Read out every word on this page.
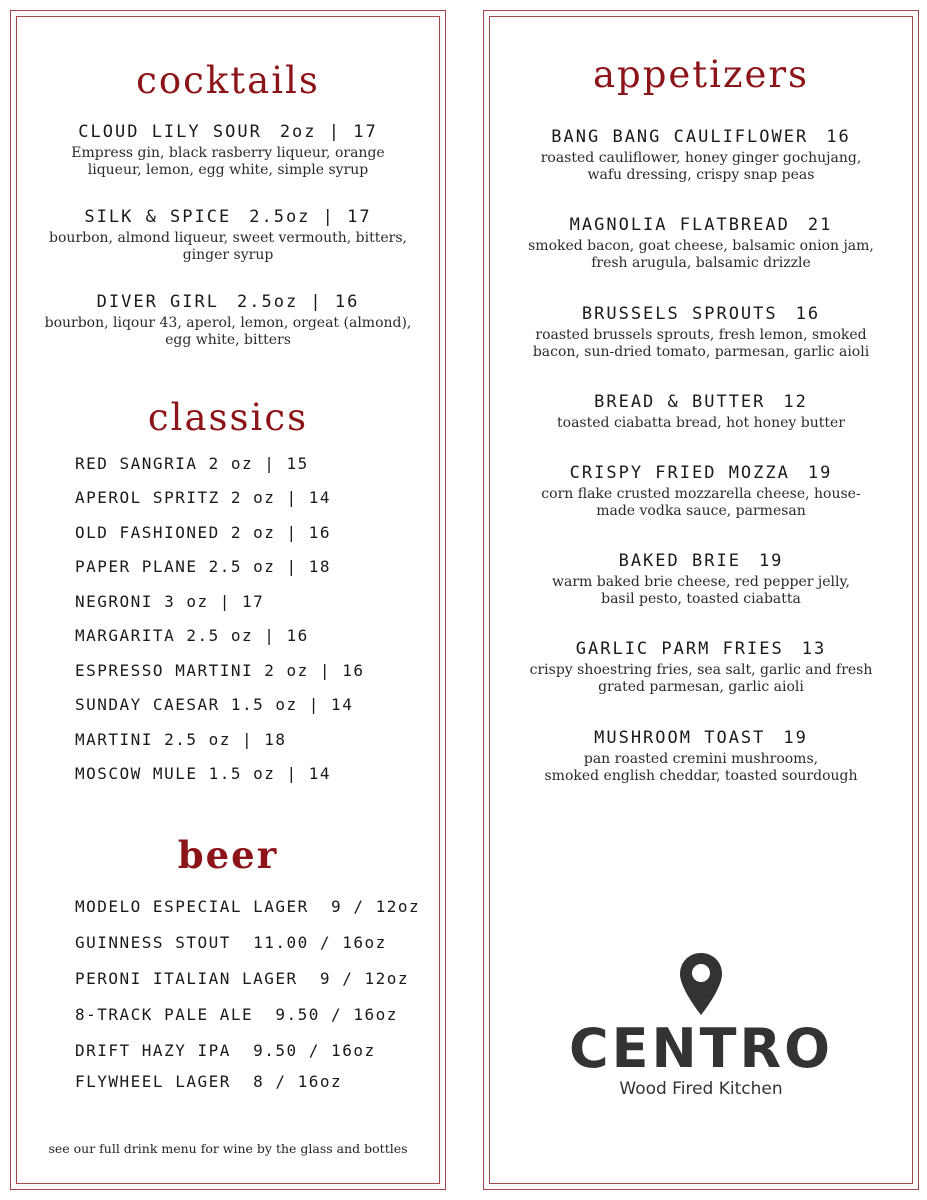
cocktails
CLOUD LILY SOUR 2oz | 17
Empress gin, black rasberry liqueur, orange
liqueur, lemon, egg white, simple syrup
SILK & SPICE 2.5oz | 17
bourbon, almond liqueur, sweet vermouth, bitters,
ginger syrup
DIVER GIRL 2.5oz | 16
bourbon, liqour 43, aperol, lemon, orgeat (almond),
egg white, bitters
classics
RED SANGRIA 2 oz | 15
APEROL SPRITZ 2 oz | 14
OLD FASHIONED 2 oz | 16
PAPER PLANE 2.5 oz | 18
NEGRONI 3 oz | 17
MARGARITA 2.5 oz | 16
ESPRESSO MARTINI 2 oz | 16
SUNDAY CAESAR 1.5 oz | 14
MARTINI 2.5 oz | 18
MOSCOW MULE 1.5 oz | 14
beer
MODELO ESPECIAL LAGER  9 / 12oz
GUINNESS STOUT  11.00 / 16oz
PERONI ITALIAN LAGER  9 / 12oz
8-TRACK PALE ALE  9.50 / 16oz
DRIFT HAZY IPA  9.50 / 16oz
FLYWHEEL LAGER  8 / 16oz
see our full drink menu for wine by the glass and bottles
appetizers
BANG BANG CAULIFLOWER 16
roasted cauliflower, honey ginger gochujang,
wafu dressing, crispy snap peas
MAGNOLIA FLATBREAD 21
smoked bacon, goat cheese, balsamic onion jam,
fresh arugula, balsamic drizzle
BRUSSELS SPROUTS 16
roasted brussels sprouts, fresh lemon, smoked
bacon, sun-dried tomato, parmesan, garlic aioli
BREAD & BUTTER 12
toasted ciabatta bread, hot honey butter
CRISPY FRIED MOZZA 19
corn flake crusted mozzarella cheese, house-
made vodka sauce, parmesan
BAKED BRIE 19
warm baked brie cheese, red pepper jelly,
basil pesto, toasted ciabatta
GARLIC PARM FRIES 13
crispy shoestring fries, sea salt, garlic and fresh
grated parmesan, garlic aioli
MUSHROOM TOAST 19
pan roasted cremini mushrooms,
smoked english cheddar, toasted sourdough
CENTRO
Wood Fired Kitchen
